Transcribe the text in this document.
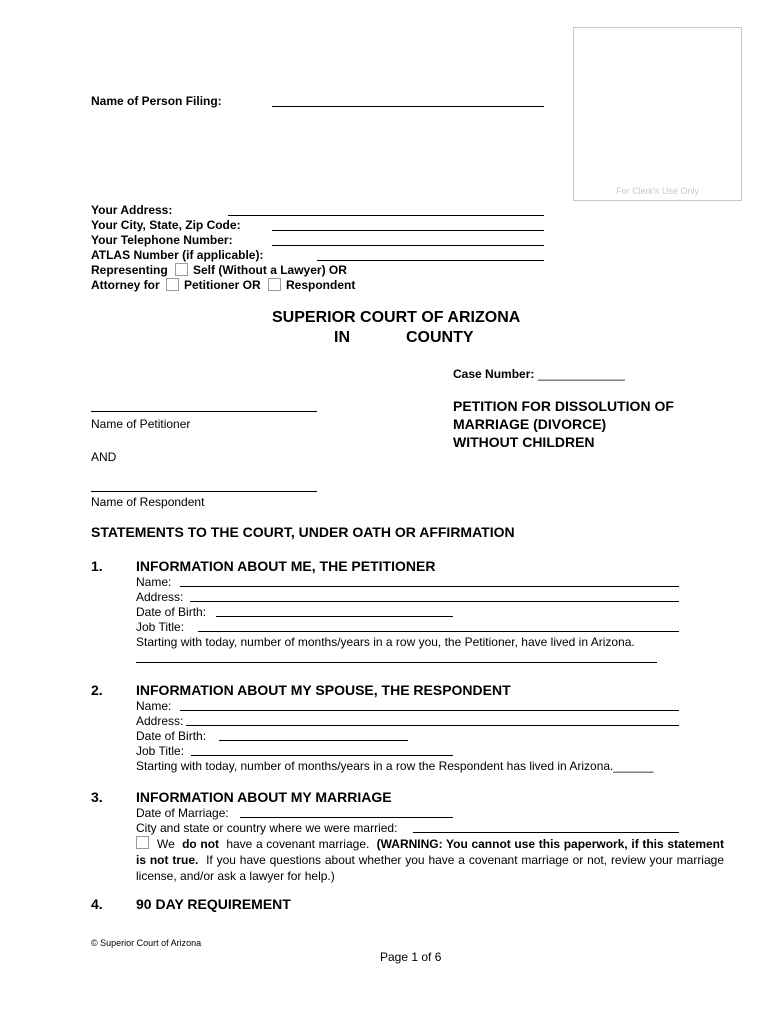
For Clerk's Use Only
Name of Person Filing:
Your Address:
Your City, State, Zip Code:
Your Telephone Number:
ATLAS Number (if applicable):
Representing Self (Without a Lawyer) OR
Attorney for Petitioner OR Respondent
SUPERIOR COURT OF ARIZONA
IN	COUNTY
Case Number: _____________
Name of Petitioner
AND
Name of Respondent
PETITION FOR DISSOLUTION OF
MARRIAGE (DIVORCE)
WITHOUT CHILDREN
STATEMENTS TO THE COURT, UNDER OATH OR AFFIRMATION
1. INFORMATION ABOUT ME, THE PETITIONER
Name:
Address:
Date of Birth:
Job Title:
Starting with today, number of months/years in a row you, the Petitioner, have lived in Arizona.
2. INFORMATION ABOUT MY SPOUSE, THE RESPONDENT
Name:
Address:
Date of Birth:
Job Title:
Starting with today, number of months/years in a row the Respondent has lived in Arizona.______
3. INFORMATION ABOUT MY MARRIAGE
Date of Marriage:
City and state or country where we were married:
We do not have a covenant marriage. (WARNING: You cannot use this paperwork, if this statement is not true. If you have questions about whether you have a covenant marriage or not, review your marriage license, and/or ask a lawyer for help.)
4. 90 DAY REQUIREMENT
© Superior Court of Arizona
Page 1 of 6
